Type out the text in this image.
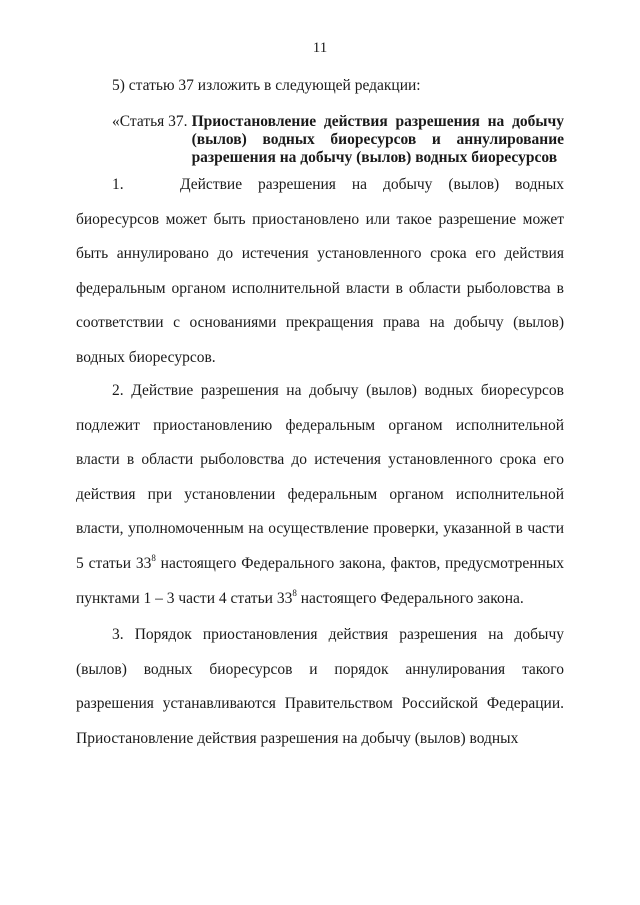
11
5) статью 37 изложить в следующей редакции:
«Статья 37. Приостановление действия разрешения на добычу (вылов) водных биоресурсов и аннулирование разрешения на добычу (вылов) водных биоресурсов

1.	Действие разрешения на добычу (вылов) водных биоресурсов может быть приостановлено или такое разрешение может быть аннулировано до истечения установленного срока его действия федеральным органом исполнительной власти в области рыболовства в соответствии с основаниями прекращения права на добычу (вылов) водных биоресурсов.

2. Действие разрешения на добычу (вылов) водных биоресурсов подлежит приостановлению федеральным органом исполнительной власти в области рыболовства до истечения установленного срока его действия при установлении федеральным органом исполнительной власти, уполномоченным на осуществление проверки, указанной в части 5 статьи $33^8$ настоящего Федерального закона, фактов, предусмотренных пунктами 1 – 3 части 4 статьи $33^8$ настоящего Федерального закона.

3. Порядок приостановления действия разрешения на добычу (вылов) водных биоресурсов и порядок аннулирования такого разрешения устанавливаются Правительством Российской Федерации. Приостановление действия разрешения на добычу (вылов) водных
